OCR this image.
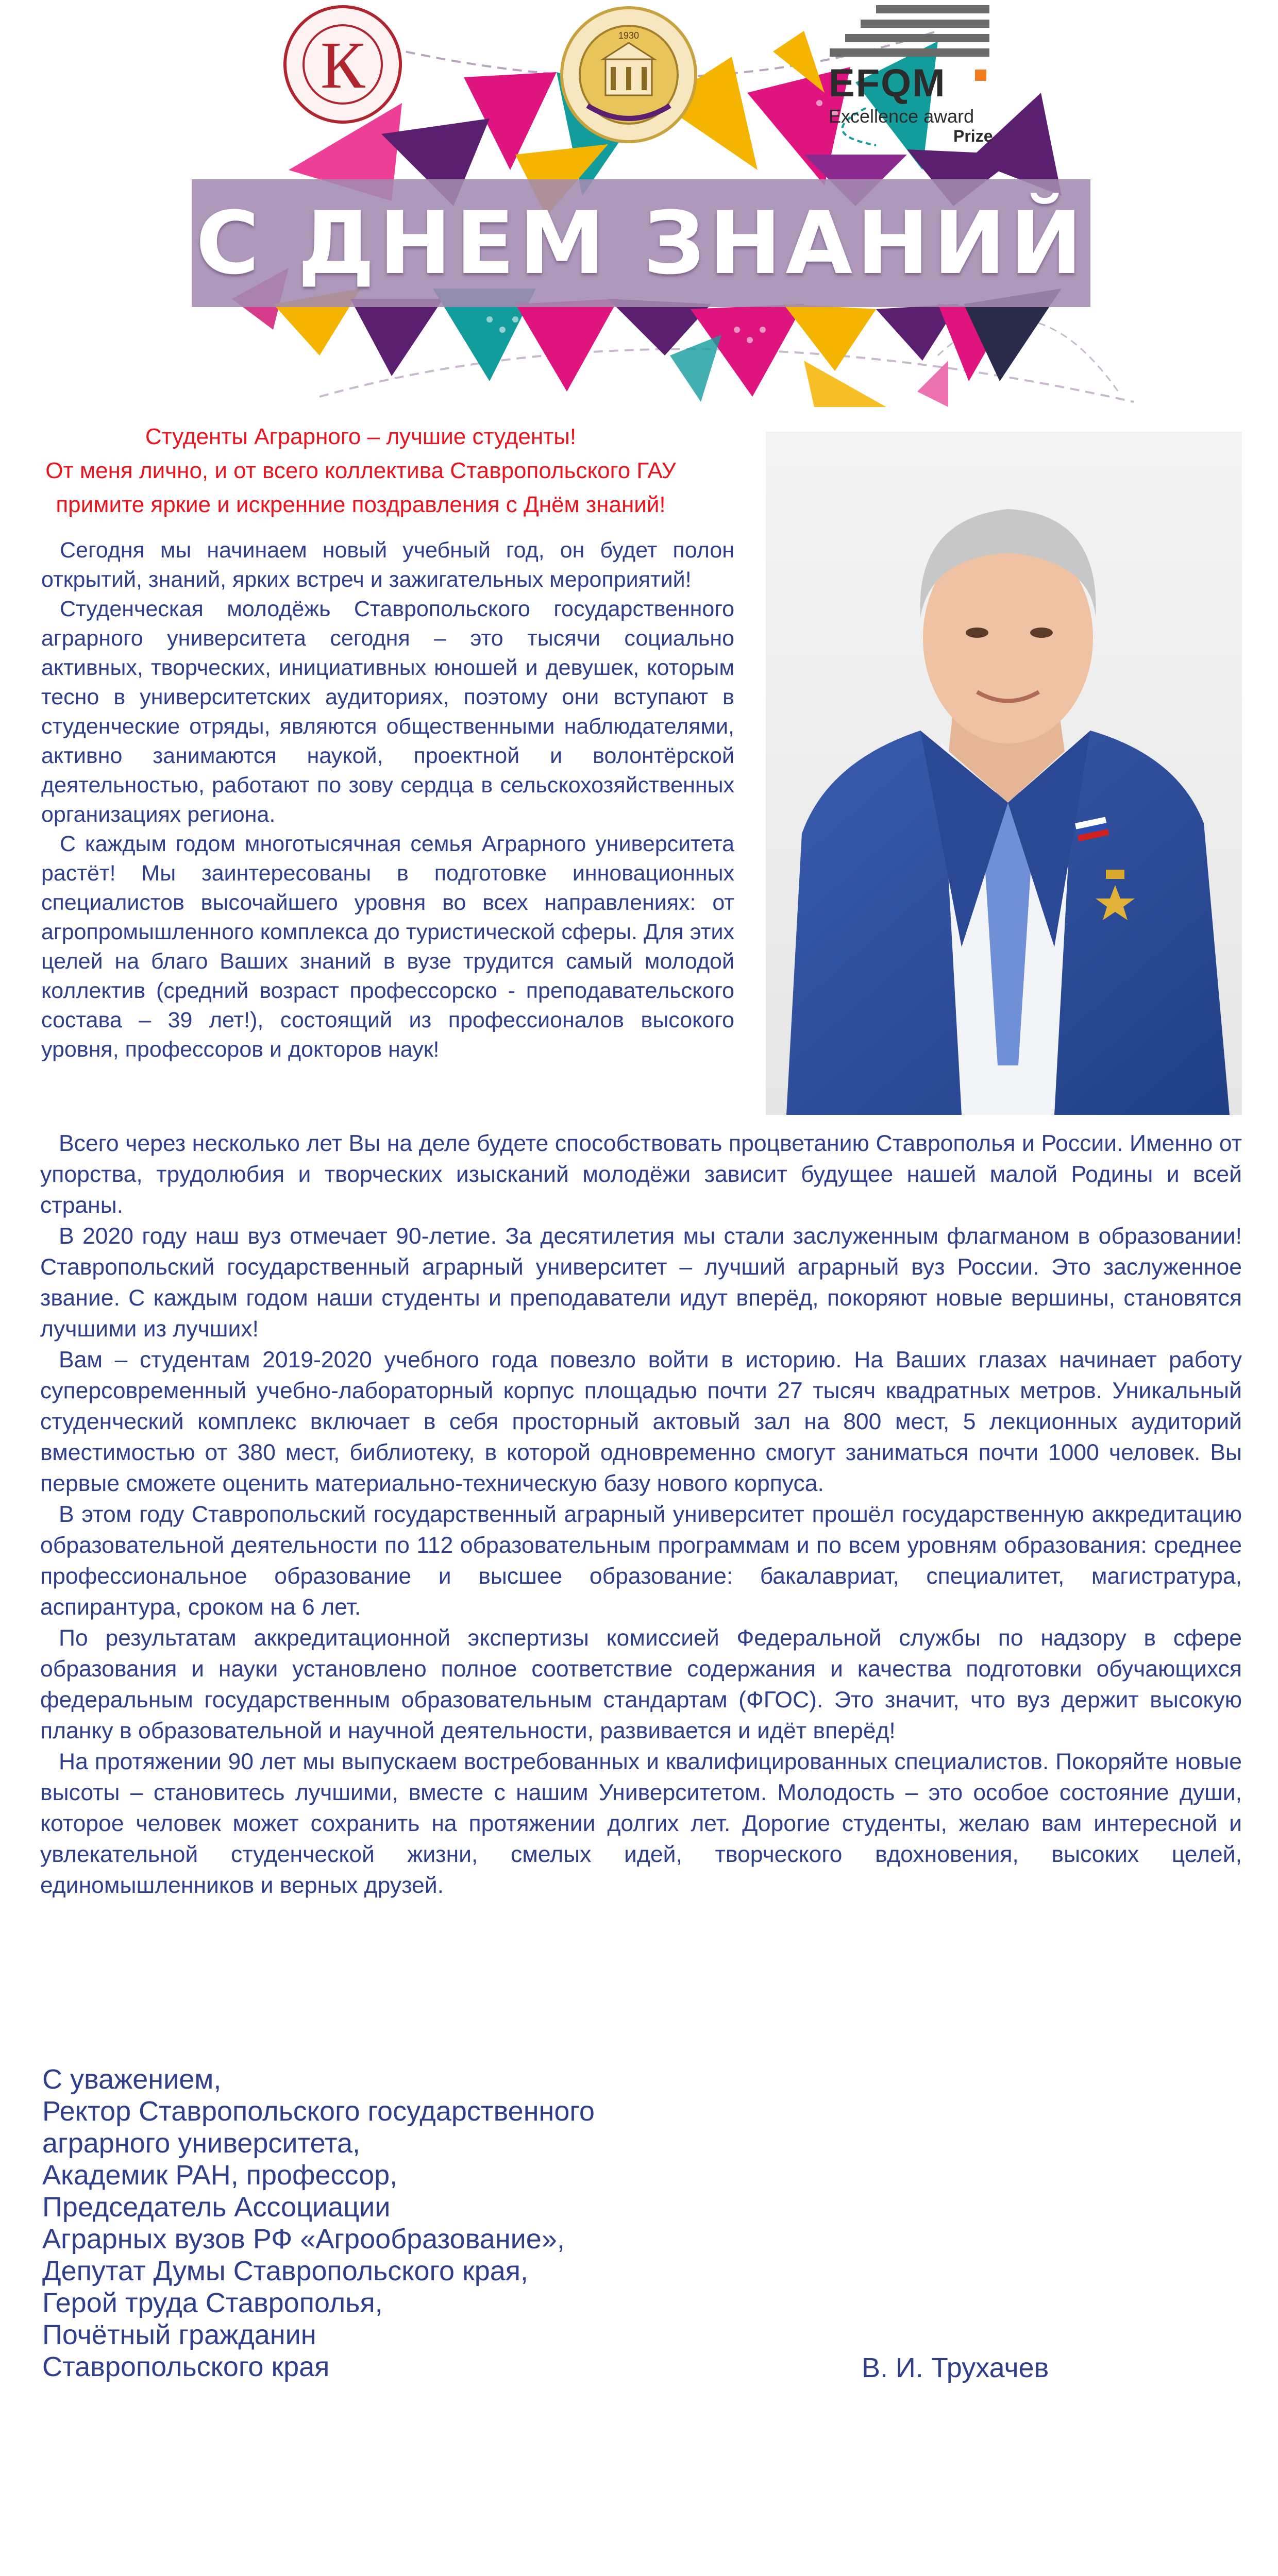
К	1930
EFQM
Excellence award
Prize
С ДНЕМ ЗНАНИЙ
Студенты Аграрного – лучшие студенты!
От меня лично, и от всего коллектива Ставропольского ГАУ
примите яркие и искренние поздравления с Днём знаний!

Сегодня мы начинаем новый учебный год, он будет полон открытий, знаний, ярких встреч и зажигательных мероприятий!

Студенческая молодёжь Ставропольского государственного аграрного университета сегодня – это тысячи социально активных, творческих, инициативных юношей и девушек, которым тесно в университетских аудиториях, поэтому они вступают в студенческие отряды, являются общественными наблюдателями, активно занимаются наукой, проектной и волонтёрской деятельностью, работают по зову сердца в сельскохозяйственных организациях региона.

С каждым годом многотысячная семья Аграрного университета растёт! Мы заинтересованы в подготовке инновационных специалистов высочайшего уровня во всех направлениях: от агропромышленного комплекса до туристической сферы. Для этих целей на благо Ваших знаний в вузе трудится самый молодой коллектив (средний возраст профессорско - преподавательского состава – 39 лет!), состоящий из профессионалов высокого уровня, профессоров и докторов наук!

Всего через несколько лет Вы на деле будете способствовать процветанию Ставрополья и России. Именно от упорства, трудолюбия и творческих изысканий молодёжи зависит будущее нашей малой Родины и всей страны.

В 2020 году наш вуз отмечает 90-летие. За десятилетия мы стали заслуженным флагманом в образовании! Ставропольский государственный аграрный университет – лучший аграрный вуз России. Это заслуженное звание. С каждым годом наши студенты и преподаватели идут вперёд, покоряют новые вершины, становятся лучшими из лучших!

Вам – студентам 2019-2020 учебного года повезло войти в историю. На Ваших глазах начинает работу суперсовременный учебно-лабораторный корпус площадью почти 27 тысяч квадратных метров. Уникальный студенческий комплекс включает в себя просторный актовый зал на 800 мест, 5 лекционных аудиторий вместимостью от 380 мест, библиотеку, в которой одновременно смогут заниматься почти 1000 человек. Вы первые сможете оценить материально-техническую базу нового корпуса.

В этом году Ставропольский государственный аграрный университет прошёл государственную аккредитацию образовательной деятельности по 112 образовательным программам и по всем уровням образования: среднее профессиональное образование и высшее образование: бакалавриат, специалитет, магистратура, аспирантура, сроком на 6 лет.

По результатам аккредитационной экспертизы комиссией Федеральной службы по надзору в сфере образования и науки установлено полное соответствие содержания и качества подготовки обучающихся федеральным государственным образовательным стандартам (ФГОС). Это значит, что вуз держит высокую планку в образовательной и научной деятельности, развивается и идёт вперёд!

На протяжении 90 лет мы выпускаем востребованных и квалифицированных специалистов. Покоряйте новые высоты – становитесь лучшими, вместе с нашим Университетом. Молодость – это особое состояние души, которое человек может сохранить на протяжении долгих лет. Дорогие студенты, желаю вам интересной и увлекательной студенческой жизни, смелых идей, творческого вдохновения, высоких целей, единомышленников и верных друзей.

С уважением,
Ректор Ставропольского государственного
аграрного университета,
Академик РАН, профессор,
Председатель Ассоциации
Аграрных вузов РФ «Агрообразование»,
Депутат Думы Ставропольского края,
Герой труда Ставрополья,
Почётный гражданин
Ставропольского края	В. И. Трухачев
